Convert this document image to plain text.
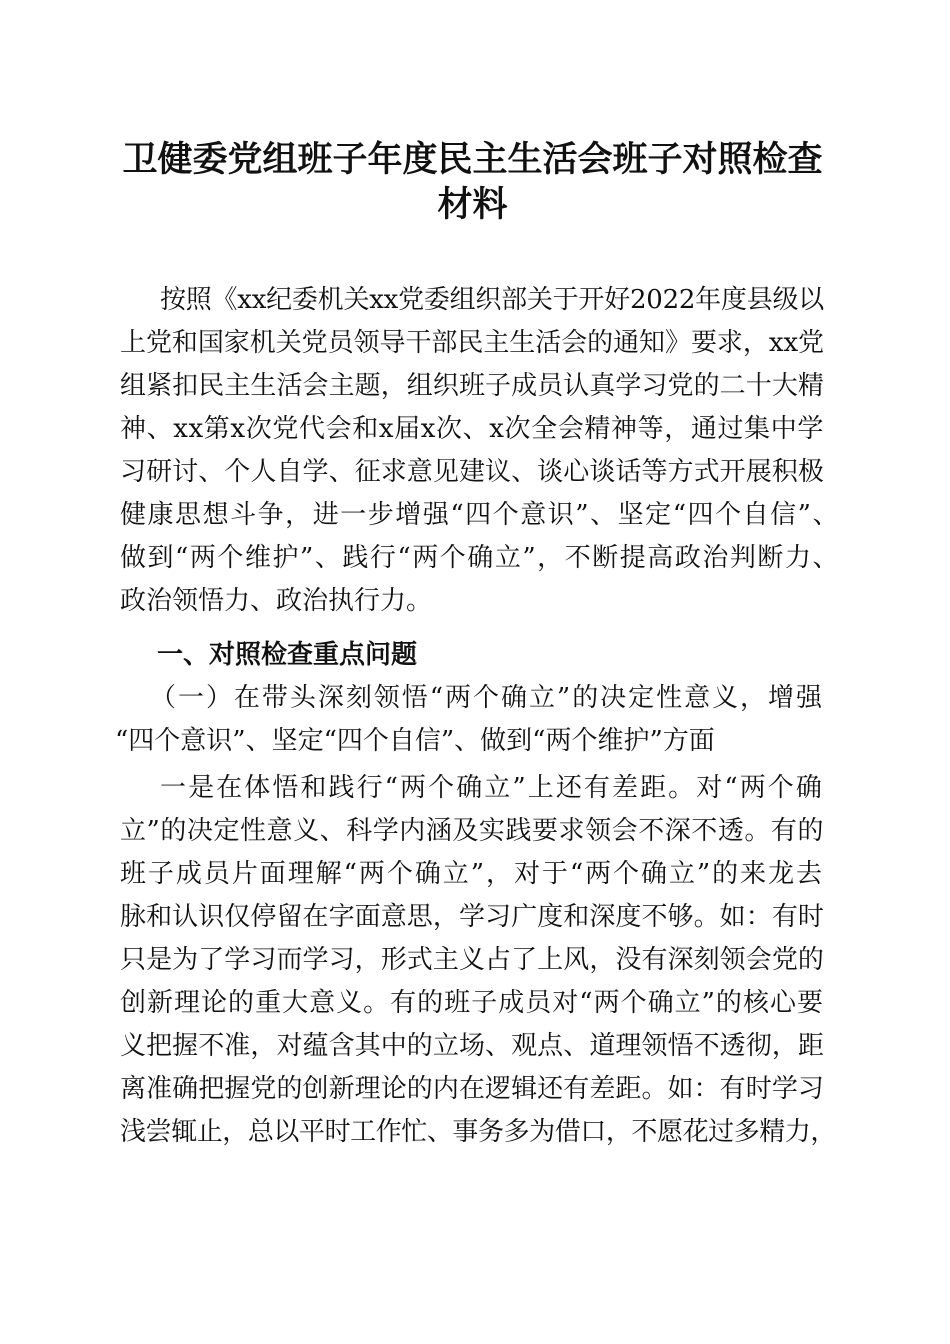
卫健委党组班子年度民主生活会班子对照检查
材料
按照《xx纪委机关xx党委组织部关于开好2022年度县级以
上党和国家机关党员领导干部民主生活会的通知》要求，xx党
组紧扣民主生活会主题，组织班子成员认真学习党的二十大精
神、xx第x次党代会和x届x次、x次全会精神等，通过集中学
习研讨、个人自学、征求意见建议、谈心谈话等方式开展积极
健康思想斗争，进一步增强“四个意识”、坚定“四个自信”、
做到“两个维护”、践行“两个确立”，不断提高政治判断力、
政治领悟力、政治执行力。
一、对照检查重点问题
（一）在带头深刻领悟“两个确立”的决定性意义，增强
“四个意识”、坚定“四个自信”、做到“两个维护”方面
一是在体悟和践行“两个确立”上还有差距。对“两个确
立”的决定性意义、科学内涵及实践要求领会不深不透。有的
班子成员片面理解“两个确立”，对于“两个确立”的来龙去
脉和认识仅停留在字面意思，学习广度和深度不够。如：有时
只是为了学习而学习，形式主义占了上风，没有深刻领会党的
创新理论的重大意义。有的班子成员对“两个确立”的核心要
义把握不准，对蕴含其中的立场、观点、道理领悟不透彻，距
离准确把握党的创新理论的内在逻辑还有差距。如：有时学习
浅尝辄止，总以平时工作忙、事务多为借口，不愿花过多精力，
